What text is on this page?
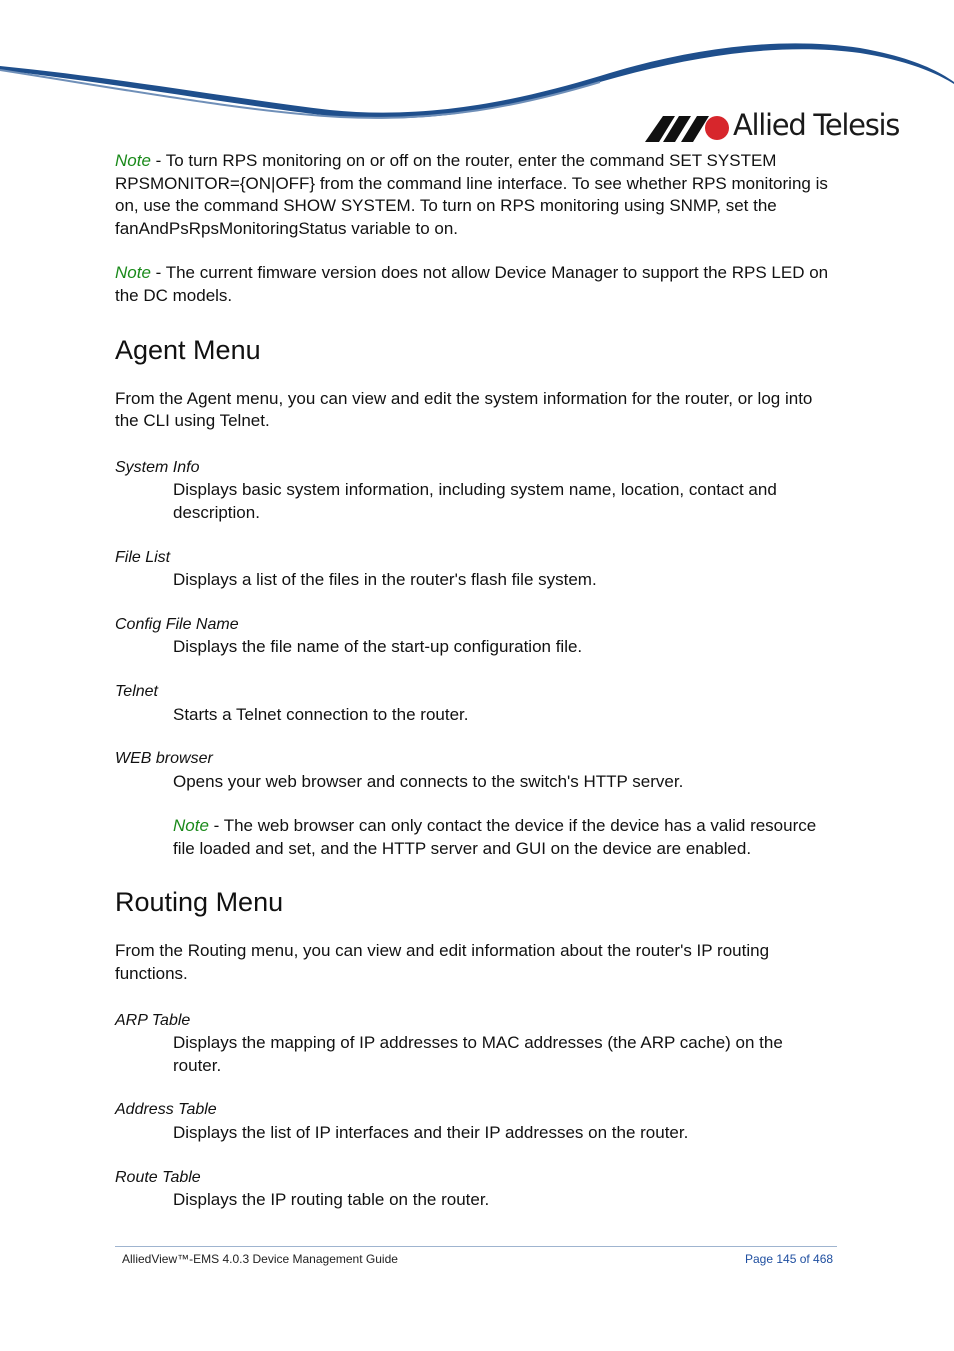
Allied Telesis

Note - To turn RPS monitoring on or off on the router, enter the command SET SYSTEM RPSMONITOR={ON|OFF} from the command line interface. To see whether RPS monitoring is on, use the command SHOW SYSTEM. To turn on RPS monitoring using SNMP, set the fanAndPsRpsMonitoringStatus variable to on.

Note - The current fimware version does not allow Device Manager to support the RPS LED on the DC models.

Agent Menu

From the Agent menu, you can view and edit the system information for the router, or log into the CLI using Telnet.

System Info

Displays basic system information, including system name, location, contact and description.

File List

Displays a list of the files in the router's flash file system.

Config File Name

Displays the file name of the start-up configuration file.

Telnet

Starts a Telnet connection to the router.

WEB browser

Opens your web browser and connects to the switch's HTTP server.

Note - The web browser can only contact the device if the device has a valid resource file loaded and set, and the HTTP server and GUI on the device are enabled.

Routing Menu

From the Routing menu, you can view and edit information about the router's IP routing functions.

ARP Table

Displays the mapping of IP addresses to MAC addresses (the ARP cache) on the router.

Address Table

Displays the list of IP interfaces and their IP addresses on the router.

Route Table

Displays the IP routing table on the router.

AlliedView™-EMS 4.0.3 Device Management Guide	Page 145 of 468
